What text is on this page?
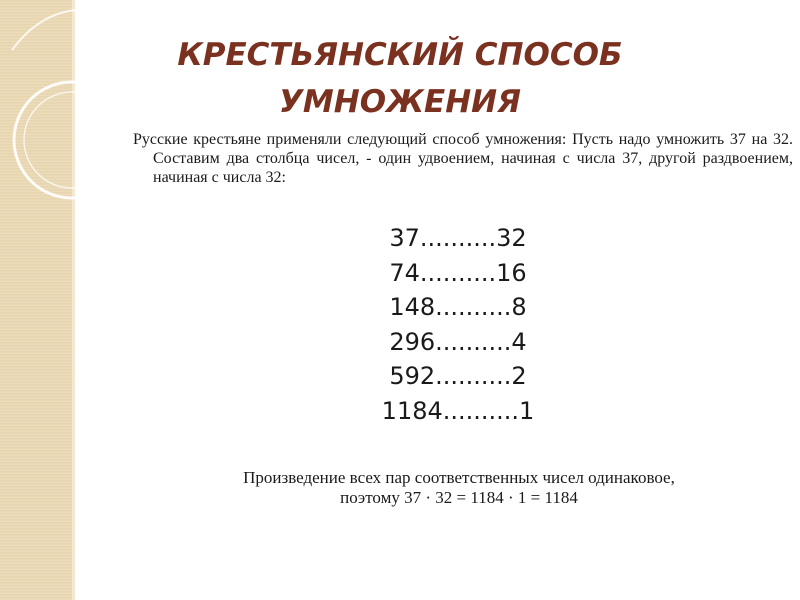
КРЕСТЬЯНСКИЙ СПОСОБ
УМНОЖЕНИЯ

Русские крестьяне применяли следующий способ умножения: Пусть надо умножить 37 на 32. Составим два столбца чисел, - один удвоением, начиная с числа 37, другой раздвоением, начиная с числа 32:

37..........32
74..........16
148..........8
296..........4
592..........2
1184..........1

Произведение всех пар соответственных чисел одинаковое,
поэтому 37 · 32 = 1184 · 1 = 1184
